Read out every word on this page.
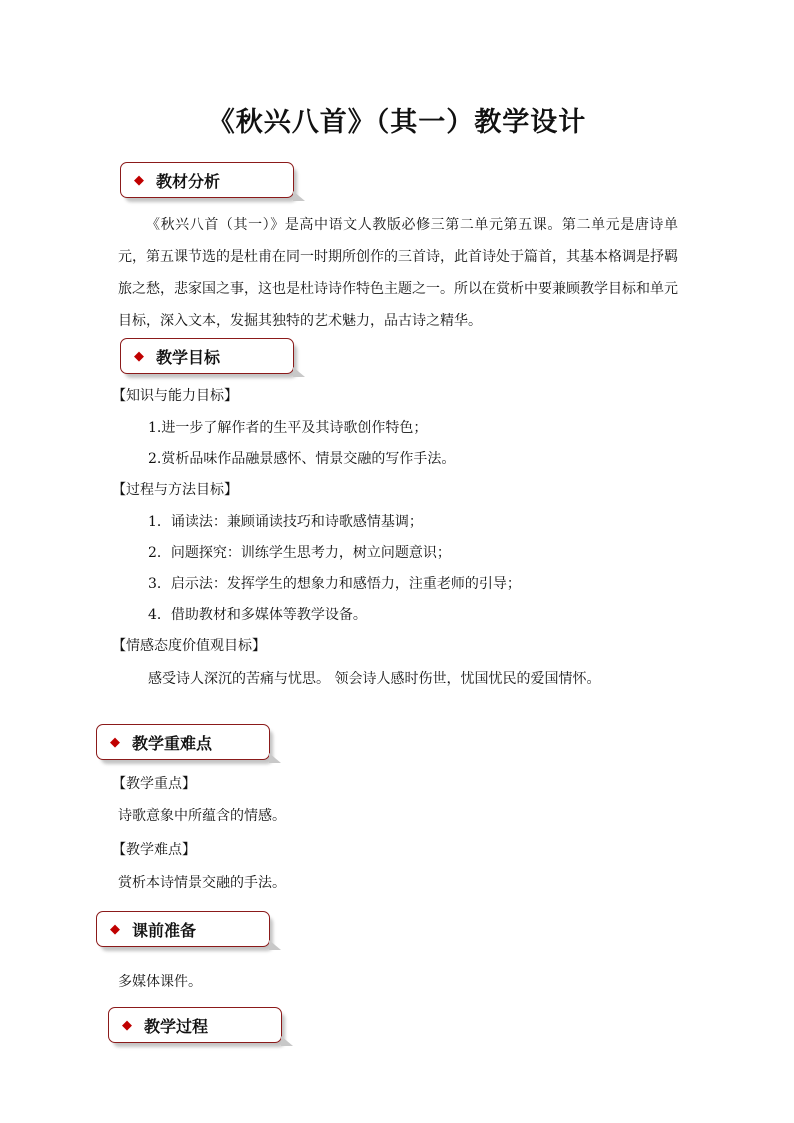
《秋兴八首》（其一）教学设计
◆ 教材分析
《秋兴八首（其一）》是高中语文人教版必修三第二单元第五课。第二单元是唐诗单元，第五课节选的是杜甫在同一时期所创作的三首诗，此首诗处于篇首，其基本格调是抒羁旅之愁，悲家国之事，这也是杜诗诗作特色主题之一。所以在赏析中要兼顾教学目标和单元目标，深入文本，发掘其独特的艺术魅力，品古诗之精华。
◆ 教学目标
【知识与能力目标】
1.进一步了解作者的生平及其诗歌创作特色；
2.赏析品味作品融景感怀、情景交融的写作手法。
【过程与方法目标】
1．诵读法：兼顾诵读技巧和诗歌感情基调；
2．问题探究：训练学生思考力，树立问题意识；
3．启示法：发挥学生的想象力和感悟力，注重老师的引导；
4．借助教材和多媒体等教学设备。
【情感态度价值观目标】
感受诗人深沉的苦痛与忧思。 领会诗人感时伤世，忧国忧民的爱国情怀。
◆ 教学重难点
【教学重点】
诗歌意象中所蕴含的情感。
【教学难点】
赏析本诗情景交融的手法。
◆ 课前准备
多媒体课件。
◆ 教学过程
